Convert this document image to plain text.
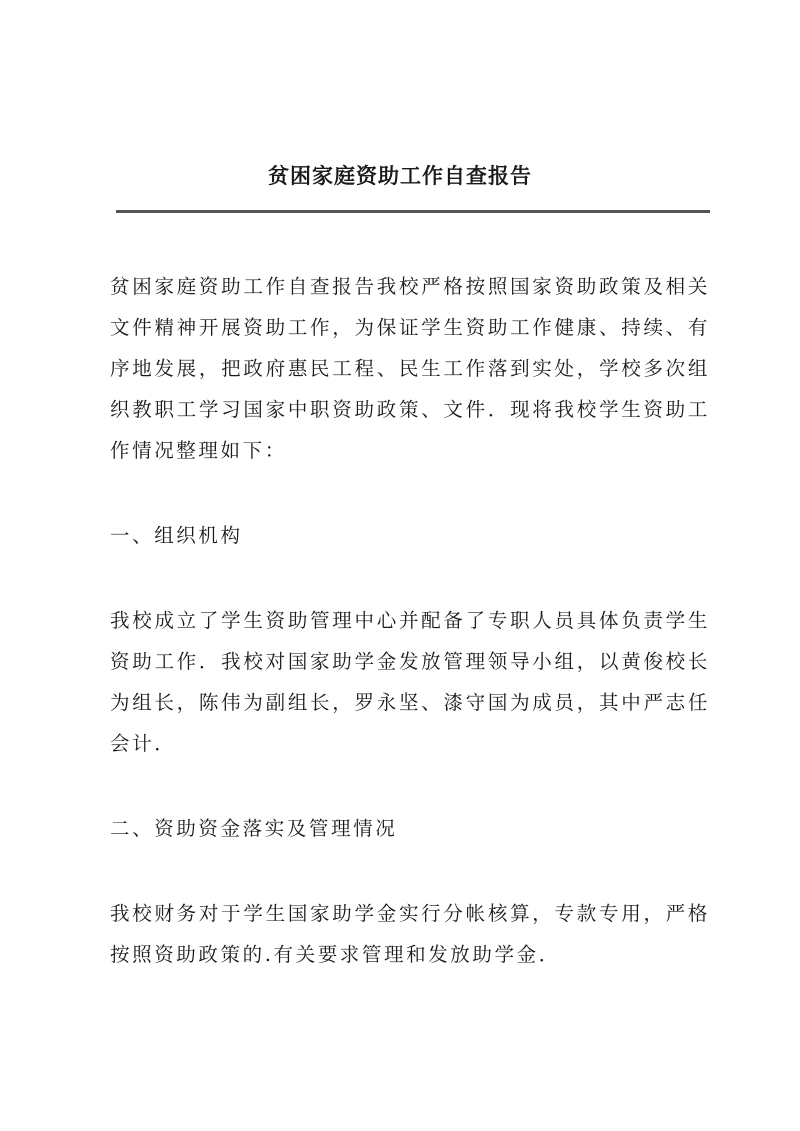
贫困家庭资助工作自查报告

贫困家庭资助工作自查报告我校严格按照国家资助政策及相关文件精神开展资助工作，为保证学生资助工作健康、持续、有序地发展，把政府惠民工程、民生工作落到实处，学校多次组织教职工学习国家中职资助政策、文件．现将我校学生资助工作情况整理如下：

一、组织机构

我校成立了学生资助管理中心并配备了专职人员具体负责学生资助工作．我校对国家助学金发放管理领导小组，以黄俊校长为组长，陈伟为副组长，罗永坚、漆守国为成员，其中严志任会计．

二、资助资金落实及管理情况

我校财务对于学生国家助学金实行分帐核算，专款专用，严格按照资助政策的.有关要求管理和发放助学金．
